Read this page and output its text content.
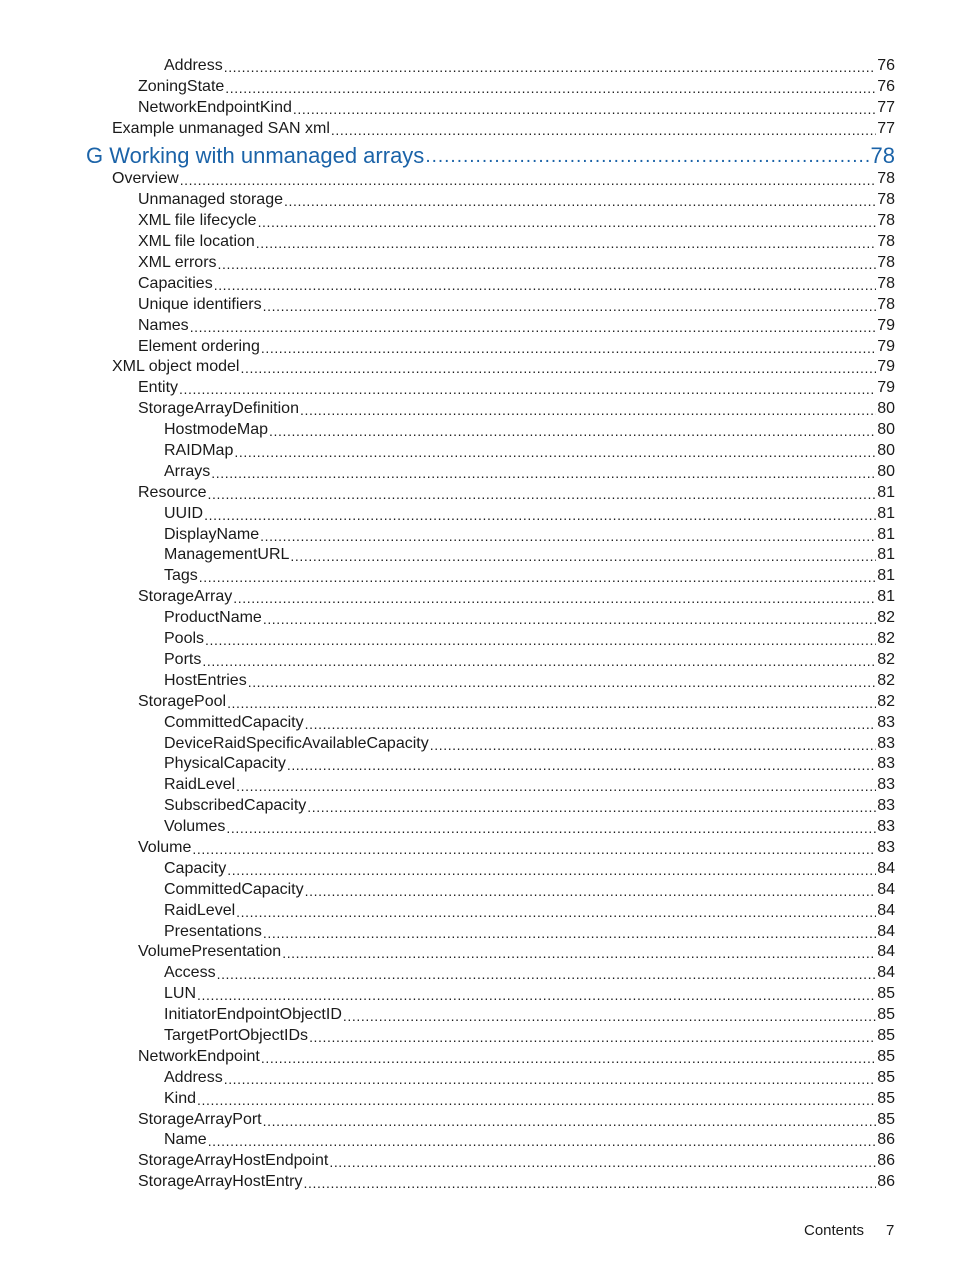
Address .....	76
ZoningState .....	76
NetworkEndpointKind .....	77
Example unmanaged SAN xml .....	77
G Working with unmanaged arrays .....	78
Overview .....	78
Unmanaged storage .....	78
XML file lifecycle .....	78
XML file location .....	78
XML errors .....	78
Capacities .....	78
Unique identifiers .....	78
Names .....	79
Element ordering .....	79
XML object model .....	79
Entity .....	79
StorageArrayDefinition .....	80
HostmodeMap .....	80
RAIDMap .....	80
Arrays .....	80
Resource .....	81
UUID .....	81
DisplayName .....	81
ManagementURL .....	81
Tags .....	81
StorageArray .....	81
ProductName .....	82
Pools .....	82
Ports .....	82
HostEntries .....	82
StoragePool .....	82
CommittedCapacity .....	83
DeviceRaidSpecificAvailableCapacity .....	83
PhysicalCapacity .....	83
RaidLevel .....	83
SubscribedCapacity .....	83
Volumes .....	83
Volume .....	83
Capacity .....	84
CommittedCapacity .....	84
RaidLevel .....	84
Presentations .....	84
VolumePresentation .....	84
Access .....	84
LUN .....	85
InitiatorEndpointObjectID .....	85
TargetPortObjectIDs .....	85
NetworkEndpoint .....	85
Address .....	85
Kind .....	85
StorageArrayPort .....	85
Name .....	86
StorageArrayHostEndpoint .....	86
StorageArrayHostEntry .....	86
Contents 7
